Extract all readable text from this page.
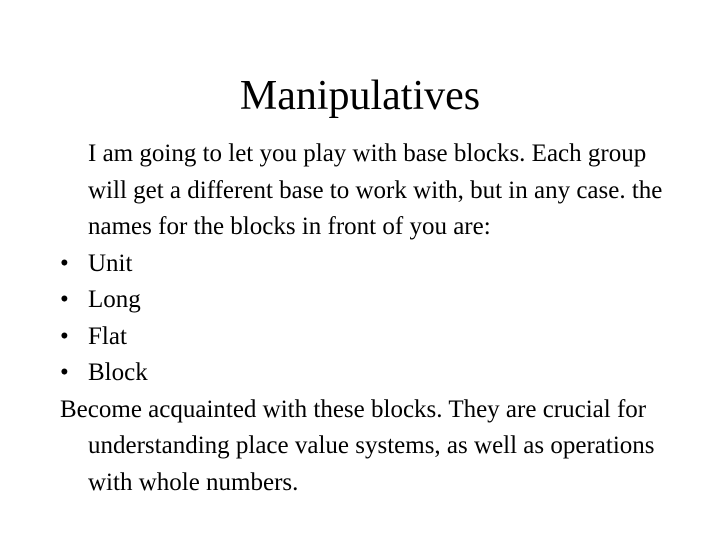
Manipulatives

I am going to let you play with base blocks. Each group will get a different base to work with, but in any case. the names for the blocks in front of you are:

• Unit
• Long
• Flat
• Block

Become acquainted with these blocks. They are crucial for understanding place value systems, as well as operations with whole numbers.
